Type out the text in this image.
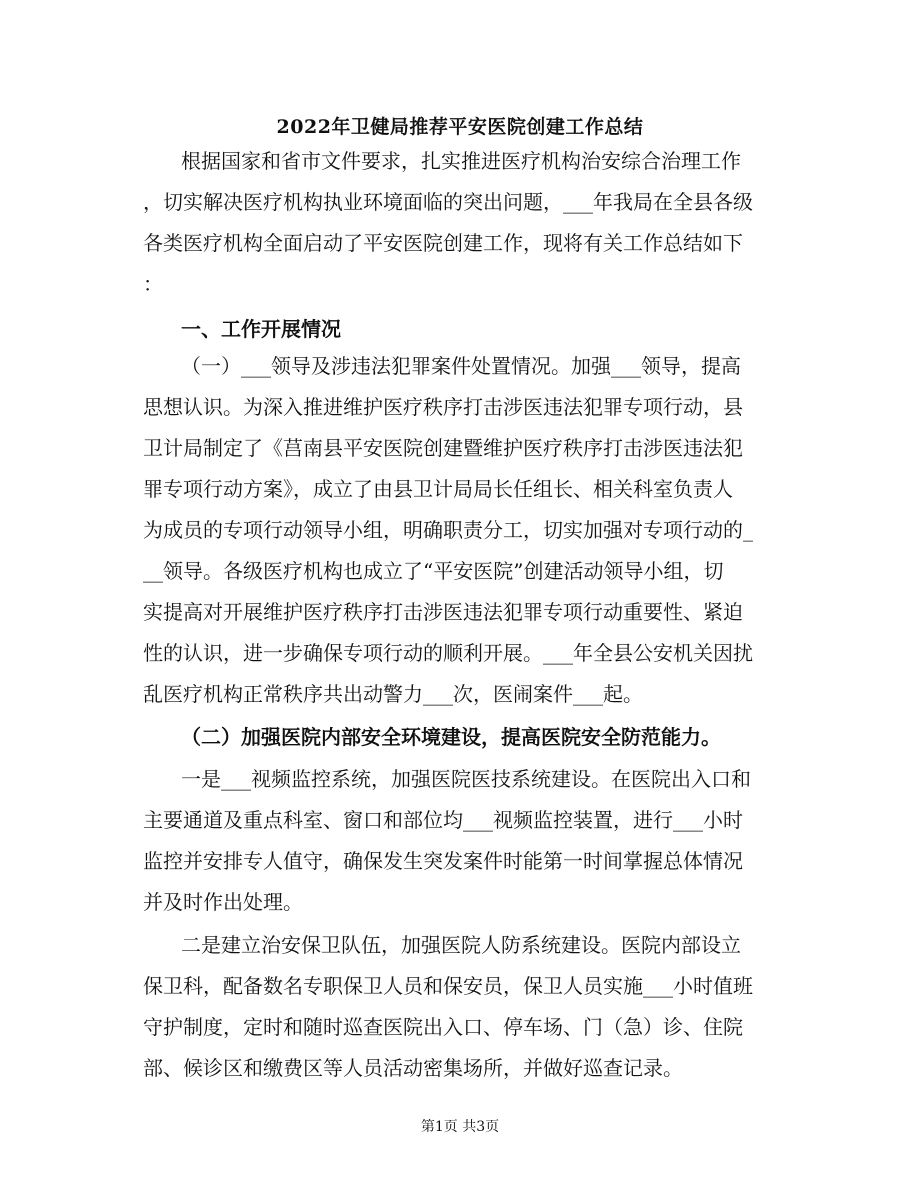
2022年卫健局推荐平安医院创建工作总结
根据国家和省市文件要求，扎实推进医疗机构治安综合治理工作
，切实解决医疗机构执业环境面临的突出问题，___年我局在全县各级
各类医疗机构全面启动了平安医院创建工作，现将有关工作总结如下
：
一、工作开展情况
（一）___领导及涉违法犯罪案件处置情况。加强___领导，提高
思想认识。为深入推进维护医疗秩序打击涉医违法犯罪专项行动，县
卫计局制定了《莒南县平安医院创建暨维护医疗秩序打击涉医违法犯
罪专项行动方案》，成立了由县卫计局局长任组长、相关科室负责人
为成员的专项行动领导小组，明确职责分工，切实加强对专项行动的_
__领导。各级医疗机构也成立了“平安医院”创建活动领导小组，切
实提高对开展维护医疗秩序打击涉医违法犯罪专项行动重要性、紧迫
性的认识，进一步确保专项行动的顺利开展。___年全县公安机关因扰
乱医疗机构正常秩序共出动警力___次，医闹案件___起。
（二）加强医院内部安全环境建设，提高医院安全防范能力。
一是___视频监控系统，加强医院医技系统建设。在医院出入口和
主要通道及重点科室、窗口和部位均___视频监控装置，进行___小时
监控并安排专人值守，确保发生突发案件时能第一时间掌握总体情况
并及时作出处理。
二是建立治安保卫队伍，加强医院人防系统建设。医院内部设立
保卫科，配备数名专职保卫人员和保安员，保卫人员实施___小时值班
守护制度，定时和随时巡查医院出入口、停车场、门（急）诊、住院
部、候诊区和缴费区等人员活动密集场所，并做好巡查记录。
第1页 共3页
